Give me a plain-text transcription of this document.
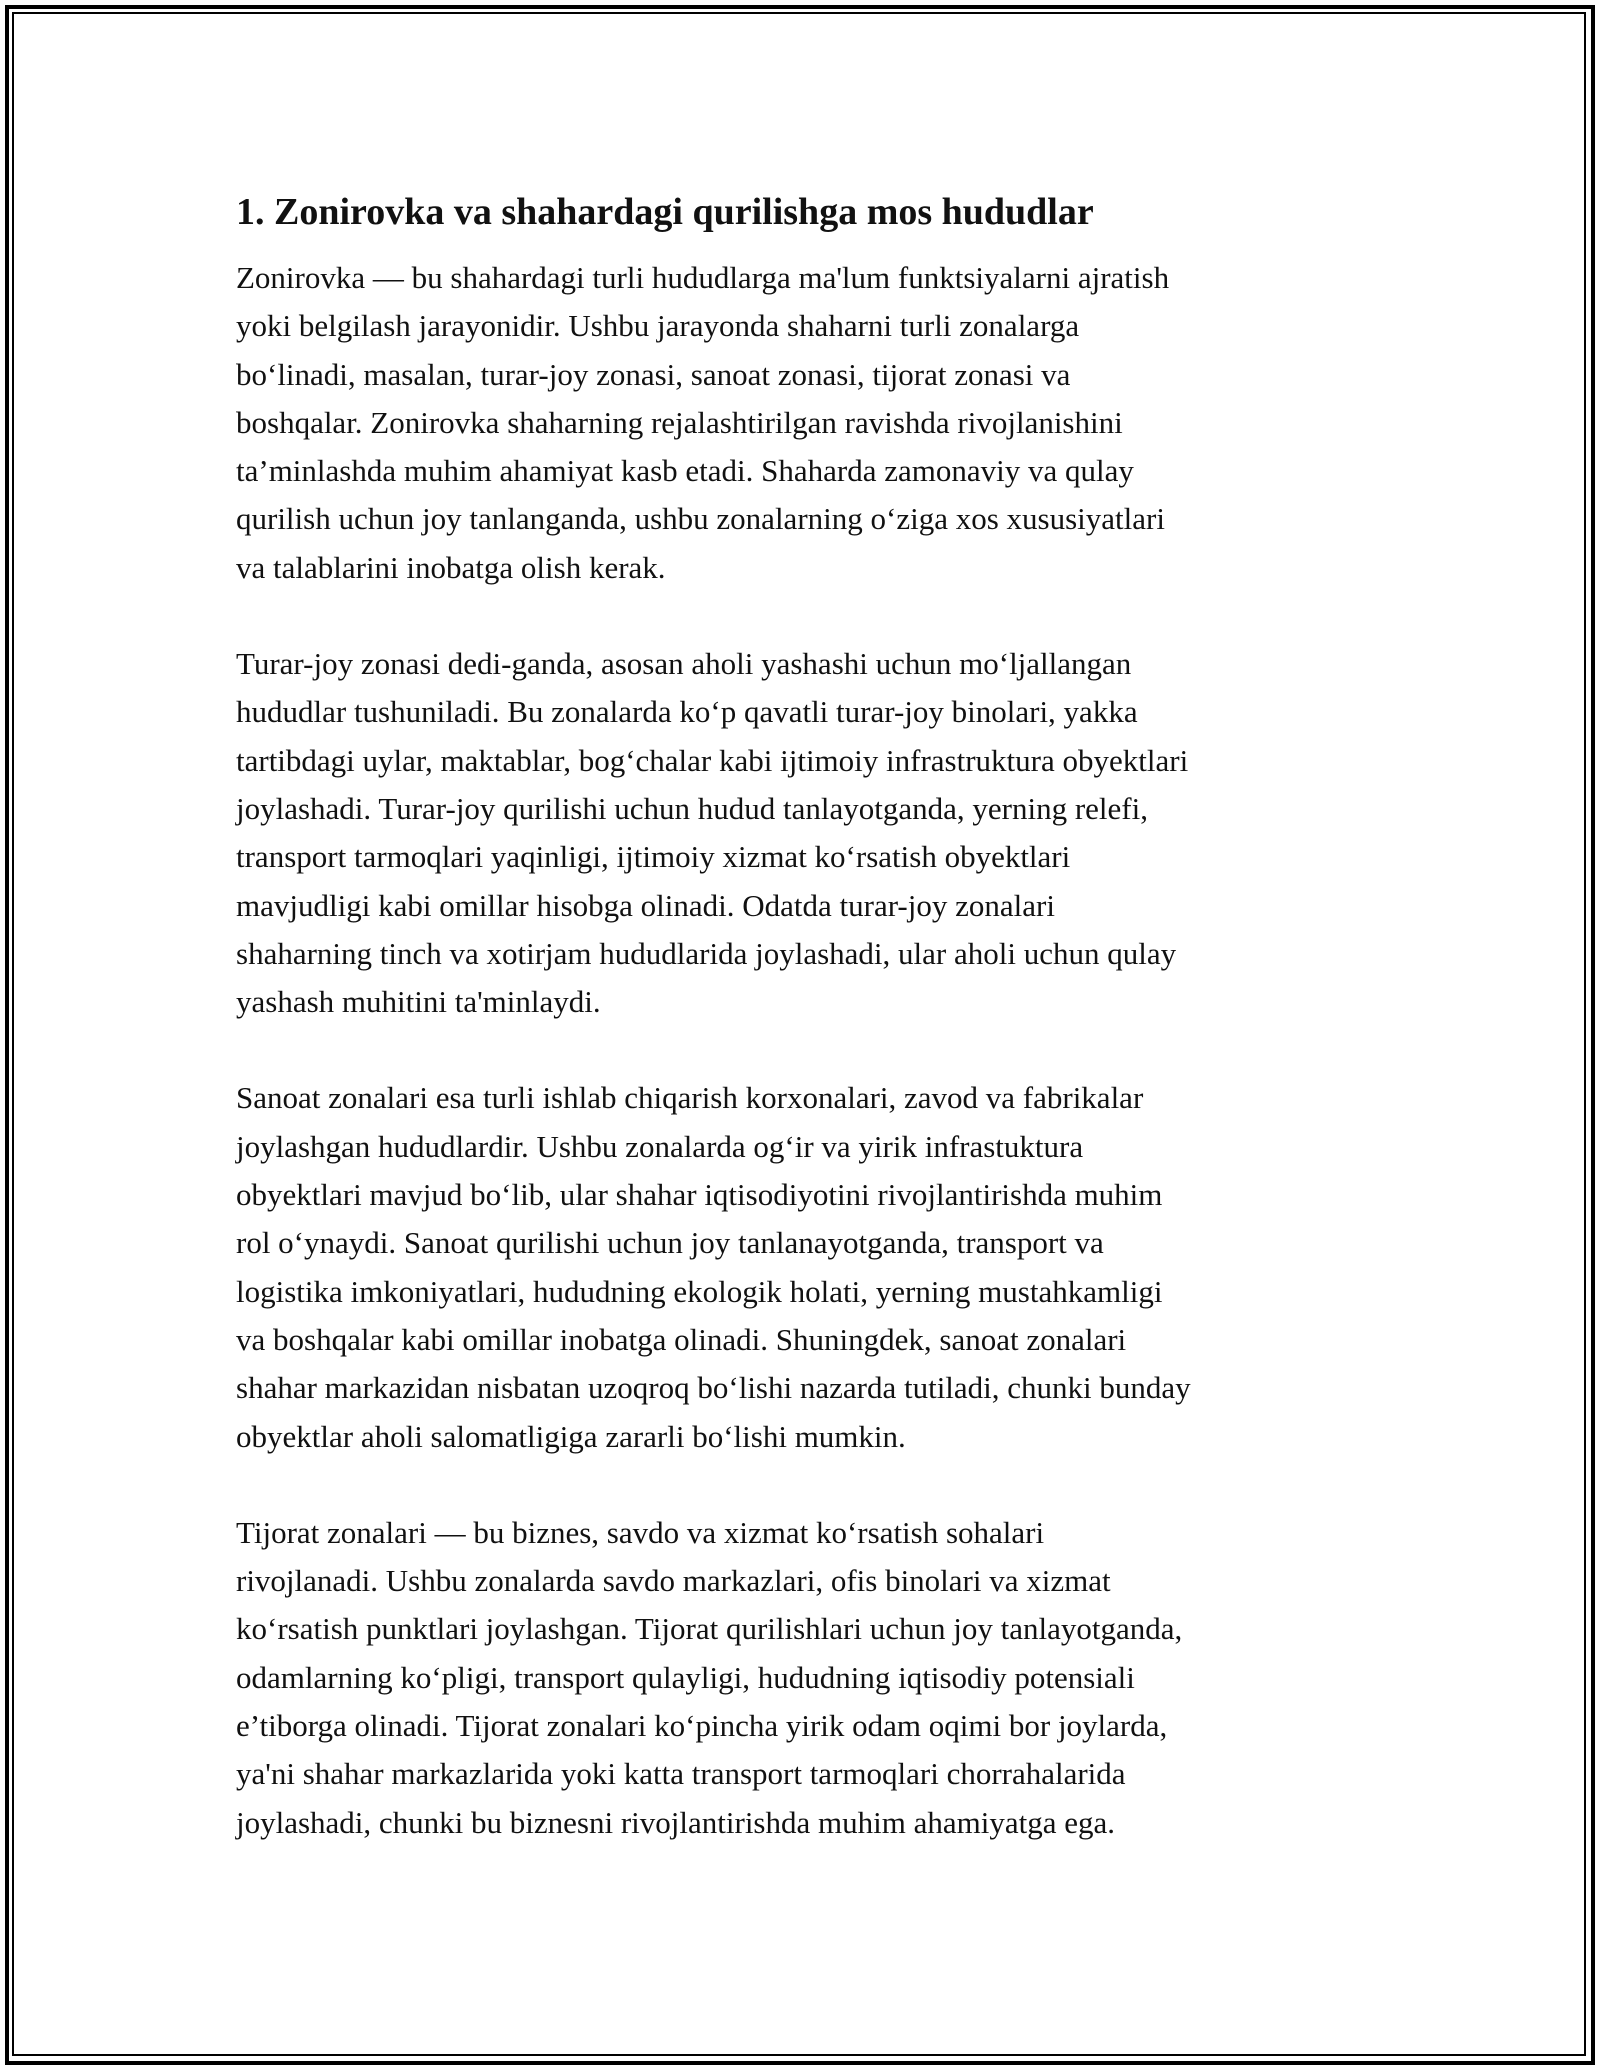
1. Zonirovka va shahardagi qurilishga mos hududlar

Zonirovka — bu shahardagi turli hududlarga ma'lum funktsiyalarni ajratish
yoki belgilash jarayonidir. Ushbu jarayonda shaharni turli zonalarga
bo‘linadi, masalan, turar-joy zonasi, sanoat zonasi, tijorat zonasi va
boshqalar. Zonirovka shaharning rejalashtirilgan ravishda rivojlanishini
ta’minlashda muhim ahamiyat kasb etadi. Shaharda zamonaviy va qulay
qurilish uchun joy tanlanganda, ushbu zonalarning o‘ziga xos xususiyatlari
va talablarini inobatga olish kerak.

Turar-joy zonasi dedi-ganda, asosan aholi yashashi uchun mo‘ljallangan
hududlar tushuniladi. Bu zonalarda ko‘p qavatli turar-joy binolari, yakka
tartibdagi uylar, maktablar, bog‘chalar kabi ijtimoiy infrastruktura obyektlari
joylashadi. Turar-joy qurilishi uchun hudud tanlayotganda, yerning relefi,
transport tarmoqlari yaqinligi, ijtimoiy xizmat ko‘rsatish obyektlari
mavjudligi kabi omillar hisobga olinadi. Odatda turar-joy zonalari
shaharning tinch va xotirjam hududlarida joylashadi, ular aholi uchun qulay
yashash muhitini ta'minlaydi.

Sanoat zonalari esa turli ishlab chiqarish korxonalari, zavod va fabrikalar
joylashgan hududlardir. Ushbu zonalarda og‘ir va yirik infrastuktura
obyektlari mavjud bo‘lib, ular shahar iqtisodiyotini rivojlantirishda muhim
rol o‘ynaydi. Sanoat qurilishi uchun joy tanlanayotganda, transport va
logistika imkoniyatlari, hududning ekologik holati, yerning mustahkamligi
va boshqalar kabi omillar inobatga olinadi. Shuningdek, sanoat zonalari
shahar markazidan nisbatan uzoqroq bo‘lishi nazarda tutiladi, chunki bunday
obyektlar aholi salomatligiga zararli bo‘lishi mumkin.

Tijorat zonalari — bu biznes, savdo va xizmat ko‘rsatish sohalari
rivojlanadi. Ushbu zonalarda savdo markazlari, ofis binolari va xizmat
ko‘rsatish punktlari joylashgan. Tijorat qurilishlari uchun joy tanlayotganda,
odamlarning ko‘pligi, transport qulayligi, hududning iqtisodiy potensiali
e’tiborga olinadi. Tijorat zonalari ko‘pincha yirik odam oqimi bor joylarda,
ya'ni shahar markazlarida yoki katta transport tarmoqlari chorrahalarida
joylashadi, chunki bu biznesni rivojlantirishda muhim ahamiyatga ega.
